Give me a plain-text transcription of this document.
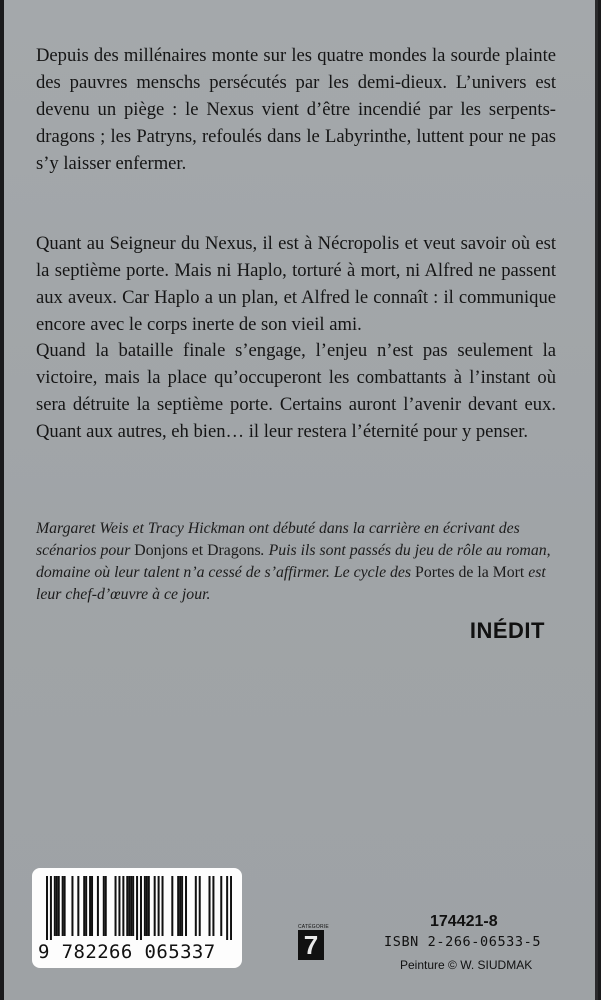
Depuis des millénaires monte sur les quatre mondes la sourde plainte des pauvres menschs persécutés par les demi-dieux. L’univers est devenu un piège : le Nexus vient d’être incendié par les serpents-dragons ; les Patryns, refoulés dans le Labyrinthe, luttent pour ne pas s’y laisser enfermer.

Quant au Seigneur du Nexus, il est à Nécropolis et veut savoir où est la septième porte. Mais ni Haplo, torturé à mort, ni Alfred ne passent aux aveux. Car Haplo a un plan, et Alfred le connaît : il communique encore avec le corps inerte de son vieil ami.

Quand la bataille finale s’engage, l’enjeu n’est pas seulement la victoire, mais la place qu’occuperont les combattants à l’instant où sera détruite la septième porte. Certains auront l’avenir devant eux. Quant aux autres, eh bien… il leur restera l’éternité pour y penser.

Margaret Weis et Tracy Hickman ont débuté dans la carrière en écrivant des scénarios pour Donjons et Dragons. Puis ils sont passés du jeu de rôle au roman, domaine où leur talent n’a cessé de s’affirmer. Le cycle des Portes de la Mort est leur chef-d’œuvre à ce jour.

INÉDIT
9 782266 065337
CATÉGORIE
7
174421-8
ISBN 2-266-06533-5
Peinture © W. SIUDMAK
